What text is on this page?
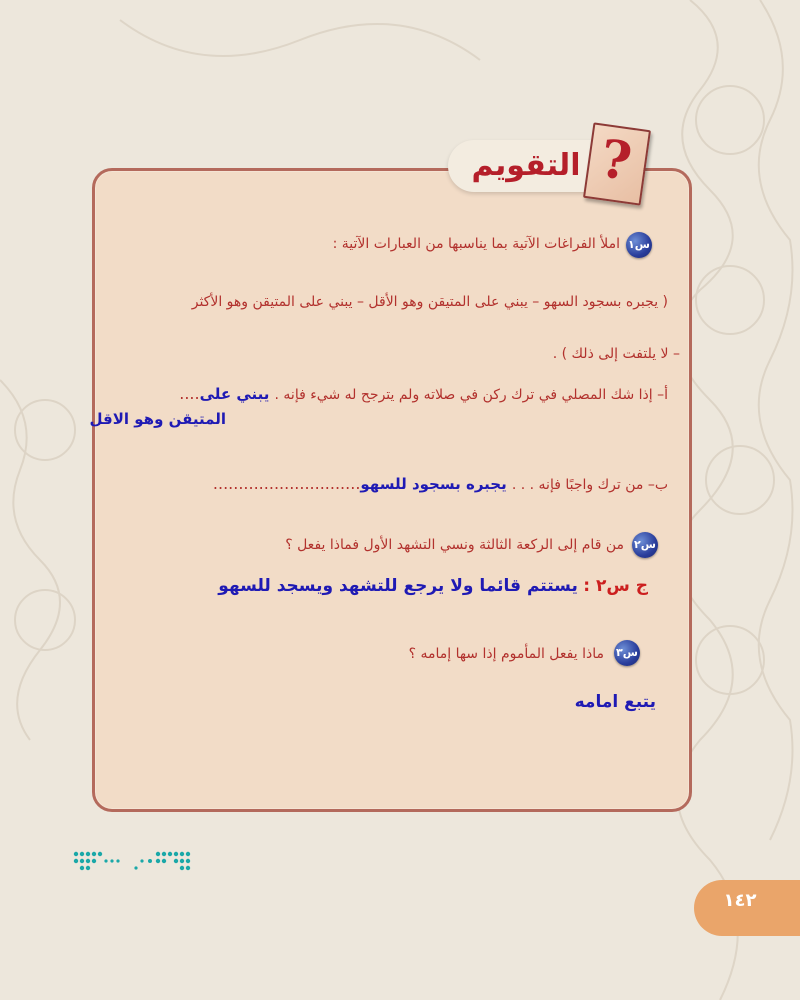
التقويم ?
س١
املأ الفراغات الآتية بما يناسبها من العبارات الآتية :
( يجبره بسجود السهو – يبني على المتيقن وهو الأقل – يبني على المتيقن وهو الأكثر
– لا يلتفت إلى ذلك ) .
أ– إذا شك المصلي في ترك ركن في صلاته ولم يترجح له شيء فإنه . يبني على....
المتيقن وهو الاقل
ب– من ترك واجبًا فإنه . . . يجبره بسجود للسهو.............................
س٢
من قام إلى الركعة الثالثة ونسي التشهد الأول فماذا يفعل ؟
ج س٢ : يستتم قائما ولا يرجع للتشهد ويسجد للسهو
س٣
ماذا يفعل المأموم إذا سها إمامه ؟
يتبع امامه
١٤٢
